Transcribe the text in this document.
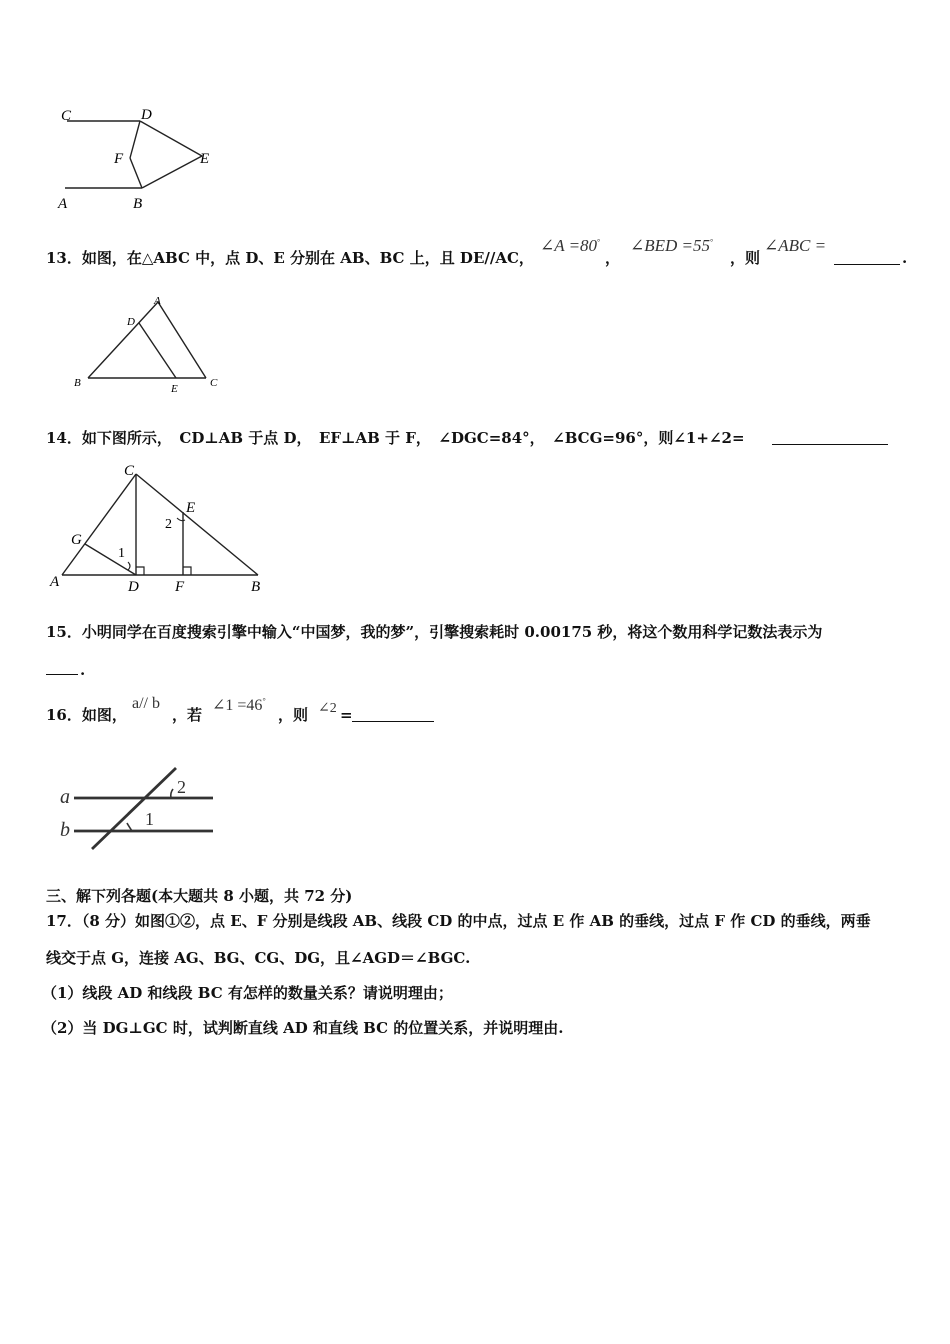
C	D
F	E
A	B
13．如图，在△ABC 中，点 D、E 分别在 AB、BC 上，且 DE//AC，
∠A =80°
，
∠BED =55°
，则
∠ABC =
.
A
D
B	E	C
14．如下图所示，　CD⊥AB 于点 D，　EF⊥AB 于 F，　∠DGC=84°，　∠BCG=96°，则∠1+∠2=
C
E
G
A	D F	B
1
2
15．小明同学在百度搜索引擎中输入“中国梦，我的梦”，引擎搜索耗时 0.00175 秒，将这个数用科学记数法表示为
.
16．如图，
a// b
，若
∠1 =46°
，则 ∠2 =
a
b
2
1
三、解下列各题(本大题共 8 小题，共 72 分)
17．（8 分）如图①②，点 E、F 分别是线段 AB、线段 CD 的中点，过点 E 作 AB 的垂线，过点 F 作 CD 的垂线，两垂
线交于点 G，连接 AG、BG、CG、DG，且∠AGD＝∠BGC.
（1）线段 AD 和线段 BC 有怎样的数量关系？请说明理由；
（2）当 DG⊥GC 时，试判断直线 AD 和直线 BC 的位置关系，并说明理由.
